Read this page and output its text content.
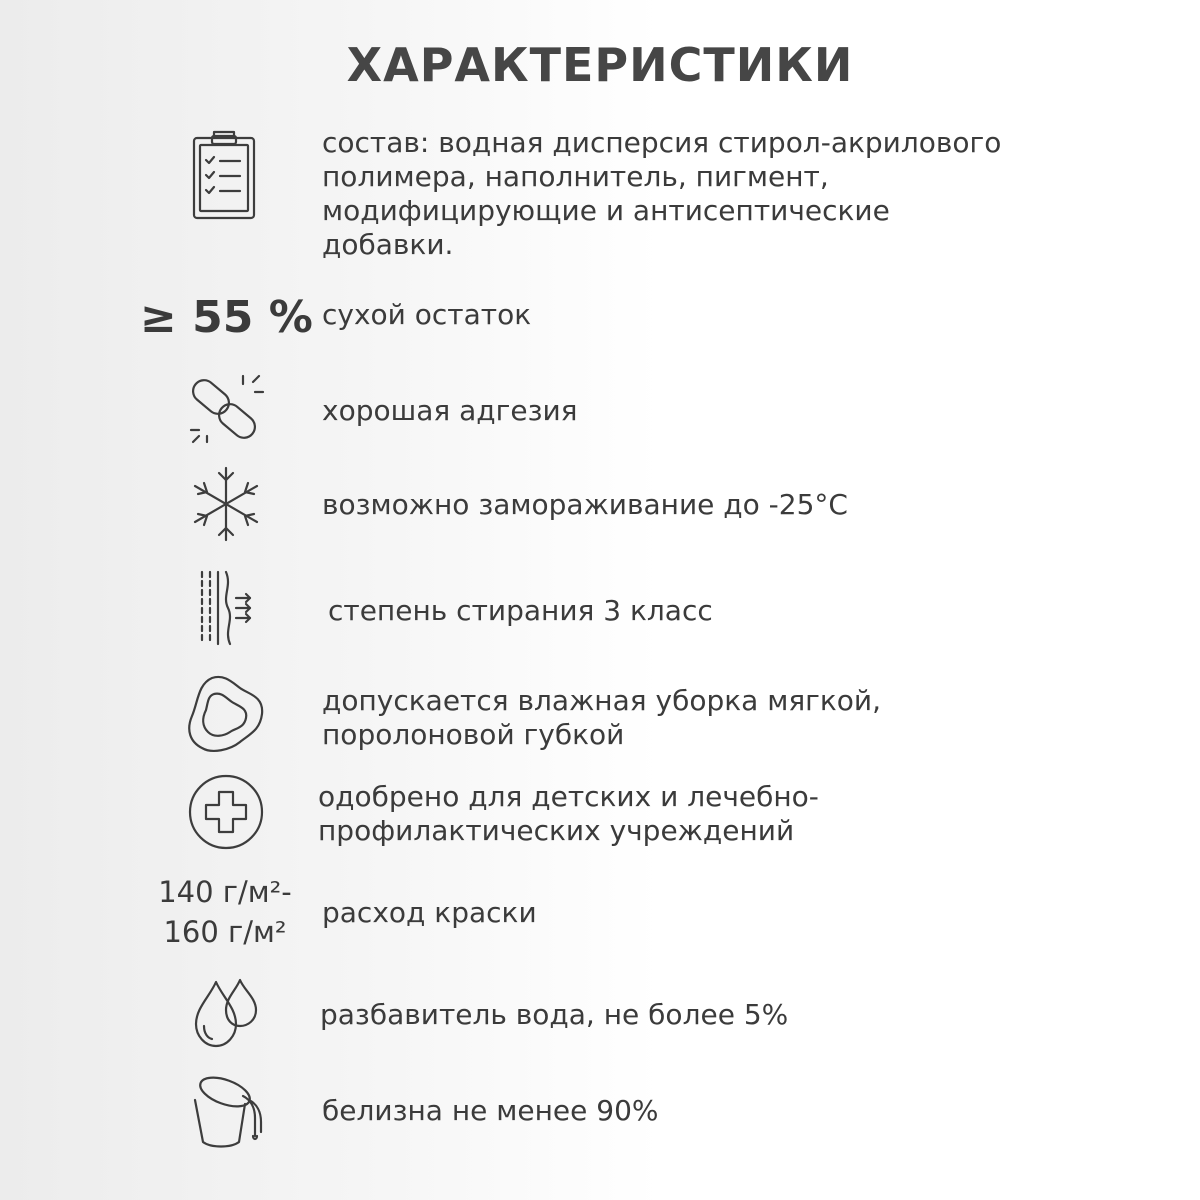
ХАРАКТЕРИСТИКИ
состав: водная дисперсия стирол-акрилового
полимера, наполнитель, пигмент,
модифицирующие и антисептические
добавки.
≥ 55 % сухой остаток
хорошая адгезия
возможно замораживание до -25°C
степень стирания 3 класс
допускается влажная уборка мягкой,
поролоновой губкой
одобрено для детских и лечебно-
профилактических учреждений
140 г/м²-
160 г/м²
расход краски
разбавитель вода, не более 5%
белизна не менее 90%
